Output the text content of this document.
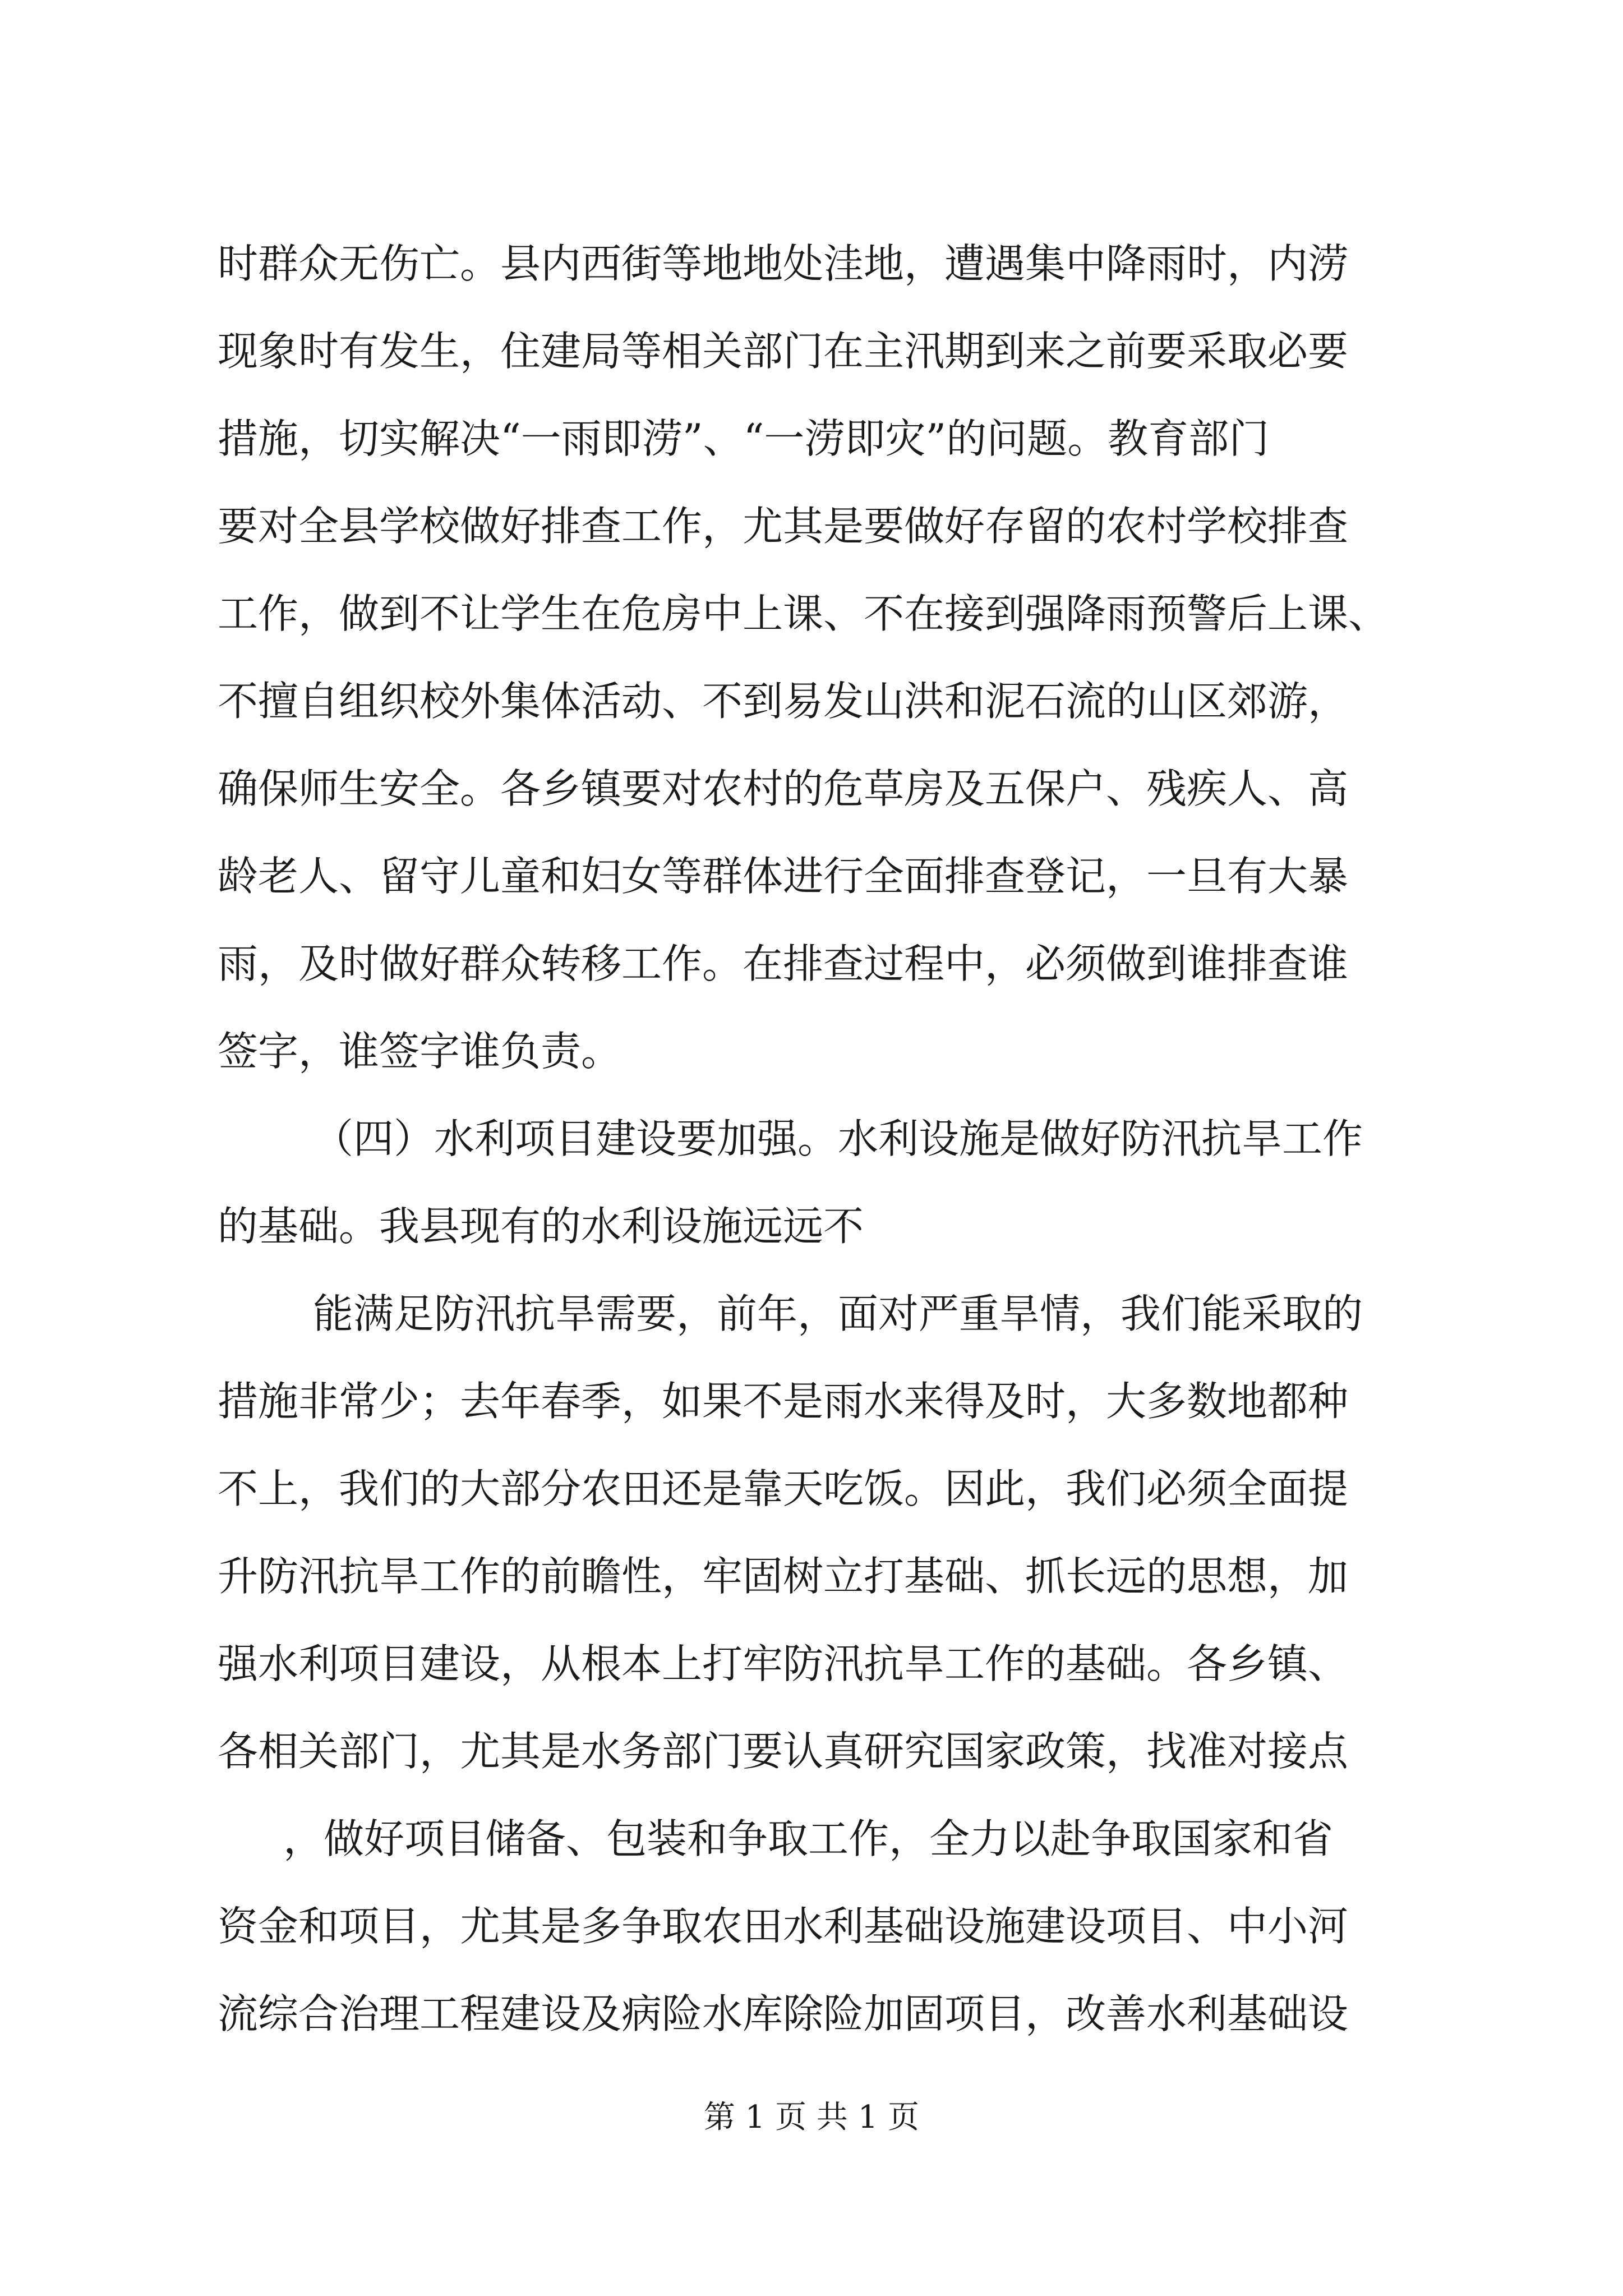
时群众无伤亡。县内西街等地地处洼地，遭遇集中降雨时，内涝
现象时有发生，住建局等相关部门在主汛期到来之前要采取必要
措施，切实解决“一雨即涝”、“一涝即灾”的问题。教育部门
要对全县学校做好排查工作，尤其是要做好存留的农村学校排查
工作，做到不让学生在危房中上课、不在接到强降雨预警后上课、
不擅自组织校外集体活动、不到易发山洪和泥石流的山区郊游，
确保师生安全。各乡镇要对农村的危草房及五保户、残疾人、高
龄老人、留守儿童和妇女等群体进行全面排查登记，一旦有大暴
雨，及时做好群众转移工作。在排查过程中，必须做到谁排查谁
签字，谁签字谁负责。
（四）水利项目建设要加强。水利设施是做好防汛抗旱工作
的基础。我县现有的水利设施远远不
能满足防汛抗旱需要，前年，面对严重旱情，我们能采取的
措施非常少；去年春季，如果不是雨水来得及时，大多数地都种
不上，我们的大部分农田还是靠天吃饭。因此，我们必须全面提
升防汛抗旱工作的前瞻性，牢固树立打基础、抓长远的思想，加
强水利项目建设，从根本上打牢防汛抗旱工作的基础。各乡镇、
各相关部门，尤其是水务部门要认真研究国家政策，找准对接点
，做好项目储备、包装和争取工作，全力以赴争取国家和省
资金和项目，尤其是多争取农田水利基础设施建设项目、中小河
流综合治理工程建设及病险水库除险加固项目，改善水利基础设
第 1 页 共 1 页
